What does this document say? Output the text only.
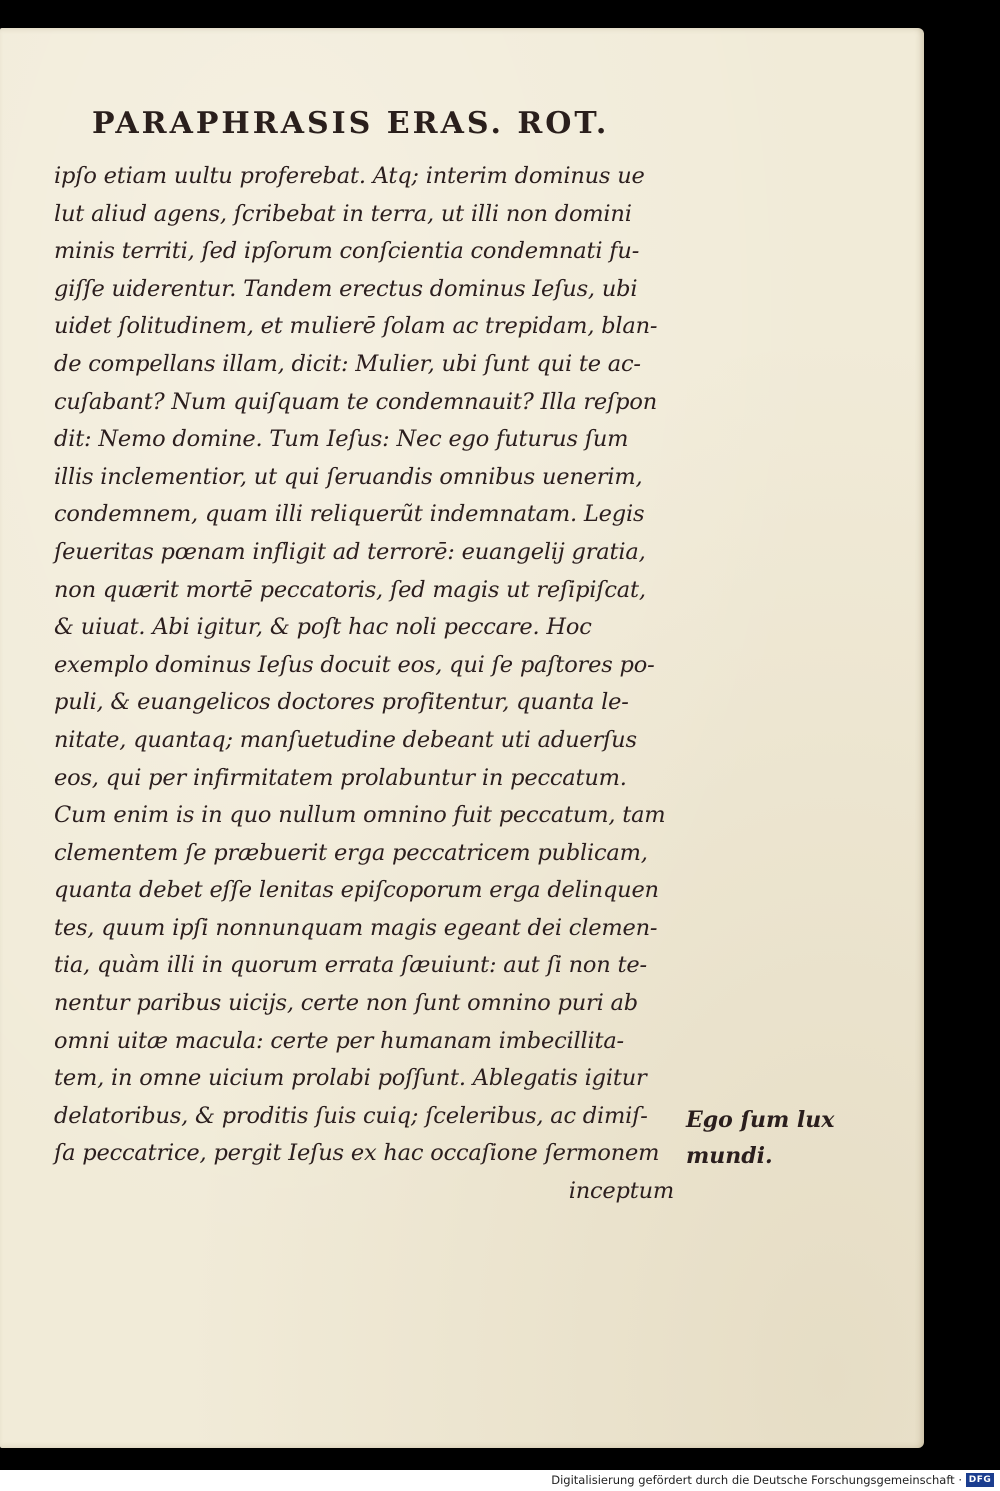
PARAPHRASIS ERAS. ROT.
ipſo etiam uultu proferebat. Atq; interim dominus ue
lut aliud agens, ſcribebat in terra, ut illi non domini
minis territi, ſed ipſorum conſcientia condemnati fu-
giſſe uiderentur. Tandem erectus dominus Ieſus, ubi
uidet ſolitudinem, et mulierē ſolam ac trepidam, blan-
de compellans illam, dicit: Mulier, ubi ſunt qui te ac-
cuſabant? Num quiſquam te condemnauit? Illa reſpon
dit: Nemo domine. Tum Ieſus: Nec ego futurus ſum
illis inclementior, ut qui ſeruandis omnibus uenerim,
condemnem, quam illi reliquerũt indemnatam. Legis
ſeueritas pœnam infligit ad terrorē: euangelij gratia,
non quærit mortē peccatoris, ſed magis ut reſipiſcat,
& uiuat. Abi igitur, & poſt hac noli peccare. Hoc
exemplo dominus Ieſus docuit eos, qui ſe paſtores po-
puli, & euangelicos doctores profitentur, quanta le-
nitate, quantaq; manſuetudine debeant uti aduerſus
eos, qui per infirmitatem prolabuntur in peccatum.
Cum enim is in quo nullum omnino fuit peccatum, tam
clementem ſe præbuerit erga peccatricem publicam,
quanta debet eſſe lenitas epiſcoporum erga delinquen
tes, quum ipſi nonnunquam magis egeant dei clemen-
tia, quàm illi in quorum errata ſæuiunt: aut ſi non te-
nentur paribus uicijs, certe non ſunt omnino puri ab
omni uitæ macula: certe per humanam imbecillita-
tem, in omne uicium prolabi poſſunt. Ablegatis igitur
delatoribus, & proditis ſuis cuiq; ſceleribus, ac dimiſ-
ſa peccatrice, pergit Ieſus ex hac occaſione ſermonem
inceptum
Ego ſum lux
mundi.
Digitalisierung gefördert durch die Deutsche Forschungsgemeinschaft · DFG
